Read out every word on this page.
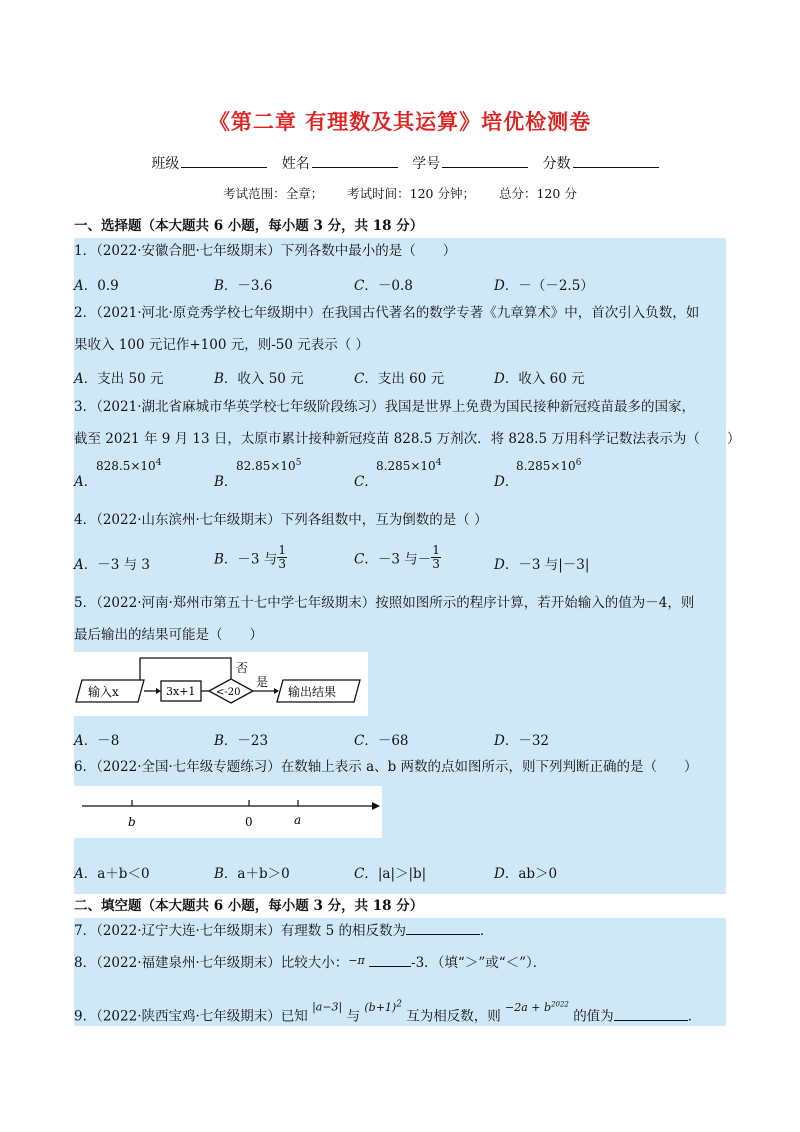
《第二章 有理数及其运算》培优检测卷
班级	姓名	学号	分数
考试范围：全章； 考试时间：120 分钟； 总分：120 分
一、选择题（本大题共 6 小题，每小题 3 分，共 18 分）
1．（2022·安徽合肥·七年级期末）下列各数中最小的是（　　）
A．0.9	B．－3.6	C．－0.8	D．－（－2.5）
2．（2021·河北·原竞秀学校七年级期中）在我国古代著名的数学专著《九章算术》中，首次引入负数，如
果收入 100 元记作+100 元，则-50 元表示（ ）
A．支出 50 元	B．收入 50 元	C．支出 60 元	D．收入 60 元
3．（2021·湖北省麻城市华英学校七年级阶段练习）我国是世界上免费为国民接种新冠疫苗最多的国家，
截至 2021 年 9 月 13 日，太原市累计接种新冠疫苗 828.5 万剂次．将 828.5 万用科学记数法表示为（　　）
A．
$828.5\times 10^4$
B．
$82.85\times 10^5$
C．
$8.285\times 10^4$
D．
$8.285\times 10^6$
4．（2022·山东滨州·七年级期末）下列各组数中，互为倒数的是（ ）
A．－3 与 3	B．－3 与 $\frac{1}{3}$	C．－3 与－ $\frac{1}{3}$	D．－3 与|－3|
5．（2022·河南·郑州市第五十七中学七年级期末）按照如图所示的程序计算，若开始输入的值为－4，则
最后输出的结果可能是（　　）
输入x	3x+1 <-20
否
是
输出结果
A．－8	B．－23	C．－68	D．－32
6．（2022·全国·七年级专题练习）在数轴上表示 a、b 两数的点如图所示，则下列判断正确的是（　　）
b	0	a
A．a＋b＜0	B．a＋b＞0	C．|a|＞|b|	D．ab＞0
二、填空题（本大题共 6 小题，每小题 3 分，共 18 分）
7．（2022·辽宁大连·七年级期末）有理数 5 的相反数为	．
8．（2022·福建泉州·七年级期末）比较大小：$^{-\pi}$	-3．（填“＞”或“＜”）．
9．（2022·陕西宝鸡·七年级期末）已知 $^{|a-3|}$ 与 $^{(b+1)^2}$ 互为相反数，则 $^{-2a + b^{2022}}$ 的值为	．
